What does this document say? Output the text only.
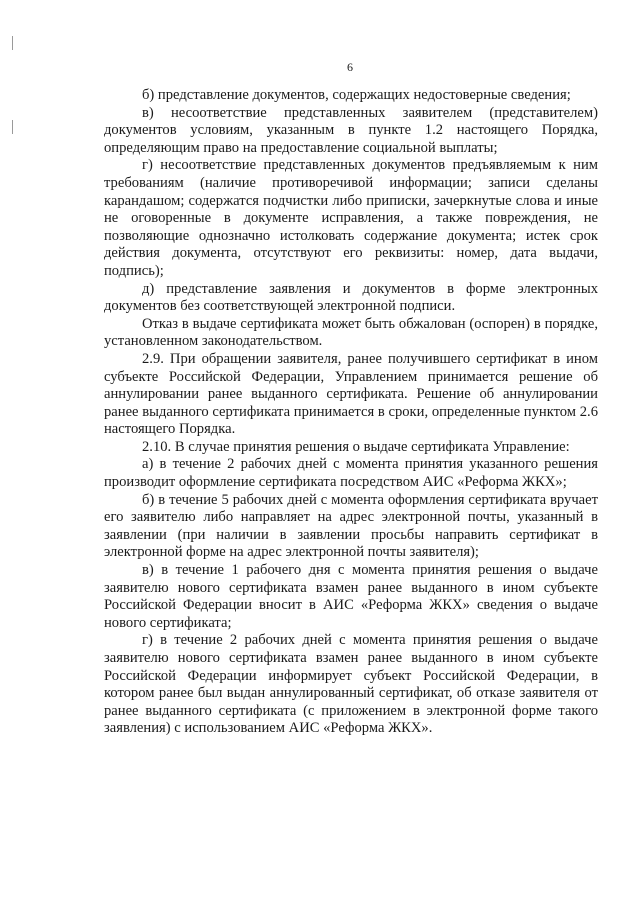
6

б) представление документов, содержащих недостоверные сведения;

в) несоответствие представленных заявителем (представителем) документов условиям, указанным в пункте 1.2 настоящего Порядка, определяющим право на предоставление социальной выплаты;

г) несоответствие представленных документов предъявляемым к ним требованиям (наличие противоречивой информации; записи сделаны карандашом; содержатся подчистки либо приписки, зачеркнутые слова и иные не оговоренные в документе исправления, а также повреждения, не позволяющие однозначно истолковать содержание документа; истек срок действия документа, отсутствуют его реквизиты: номер, дата выдачи, подпись);

д) представление заявления и документов в форме электронных документов без соответствующей электронной подписи.

Отказ в выдаче сертификата может быть обжалован (оспорен) в порядке, установленном законодательством.

2.9. При обращении заявителя, ранее получившего сертификат в ином субъекте Российской Федерации, Управлением принимается решение об аннулировании ранее выданного сертификата. Решение об аннулировании ранее выданного сертификата принимается в сроки, определенные пунктом 2.6 настоящего Порядка.

2.10. В случае принятия решения о выдаче сертификата Управление:

а) в течение 2 рабочих дней с момента принятия указанного решения производит оформление сертификата посредством АИС «Реформа ЖКХ»;

б) в течение 5 рабочих дней с момента оформления сертификата вручает его заявителю либо направляет на адрес электронной почты, указанный в заявлении (при наличии в заявлении просьбы направить сертификат в электронной форме на адрес электронной почты заявителя);

в) в течение 1 рабочего дня с момента принятия решения о выдаче заявителю нового сертификата взамен ранее выданного в ином субъекте Российской Федерации вносит в АИС «Реформа ЖКХ» сведения о выдаче нового сертификата;

г) в течение 2 рабочих дней с момента принятия решения о выдаче заявителю нового сертификата взамен ранее выданного в ином субъекте Российской Федерации информирует субъект Российской Федерации, в котором ранее был выдан аннулированный сертификат, об отказе заявителя от ранее выданного сертификата (с приложением в электронной форме такого заявления) с использованием АИС «Реформа ЖКХ».
